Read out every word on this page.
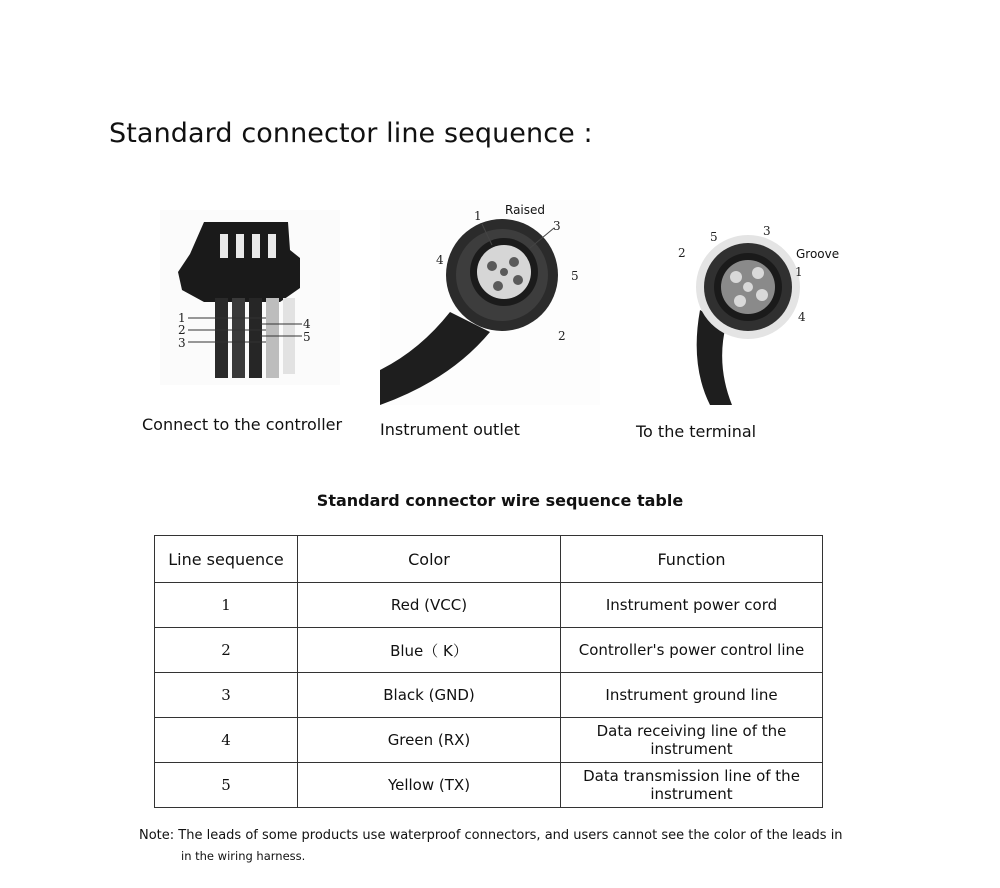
Standard connector line sequence :
1
2
3
4
5
Connect to the controller
1
3
4
5
2
Raised
Instrument outlet
5	3
2
1
4
Groove
To the terminal
Standard connector wire sequence table
Line sequence	Color	Function
1	Red (VCC)	Instrument power cord
2	Blue（ K）	Controller's power control line
3	Black (GND)	Instrument ground line
4	Green (RX)	Data receiving line of the instrument
5	Yellow (TX)	Data transmission line of the instrument
Note: The leads of some products use waterproof connectors, and users cannot see the color of the leads in
in the wiring harness.
